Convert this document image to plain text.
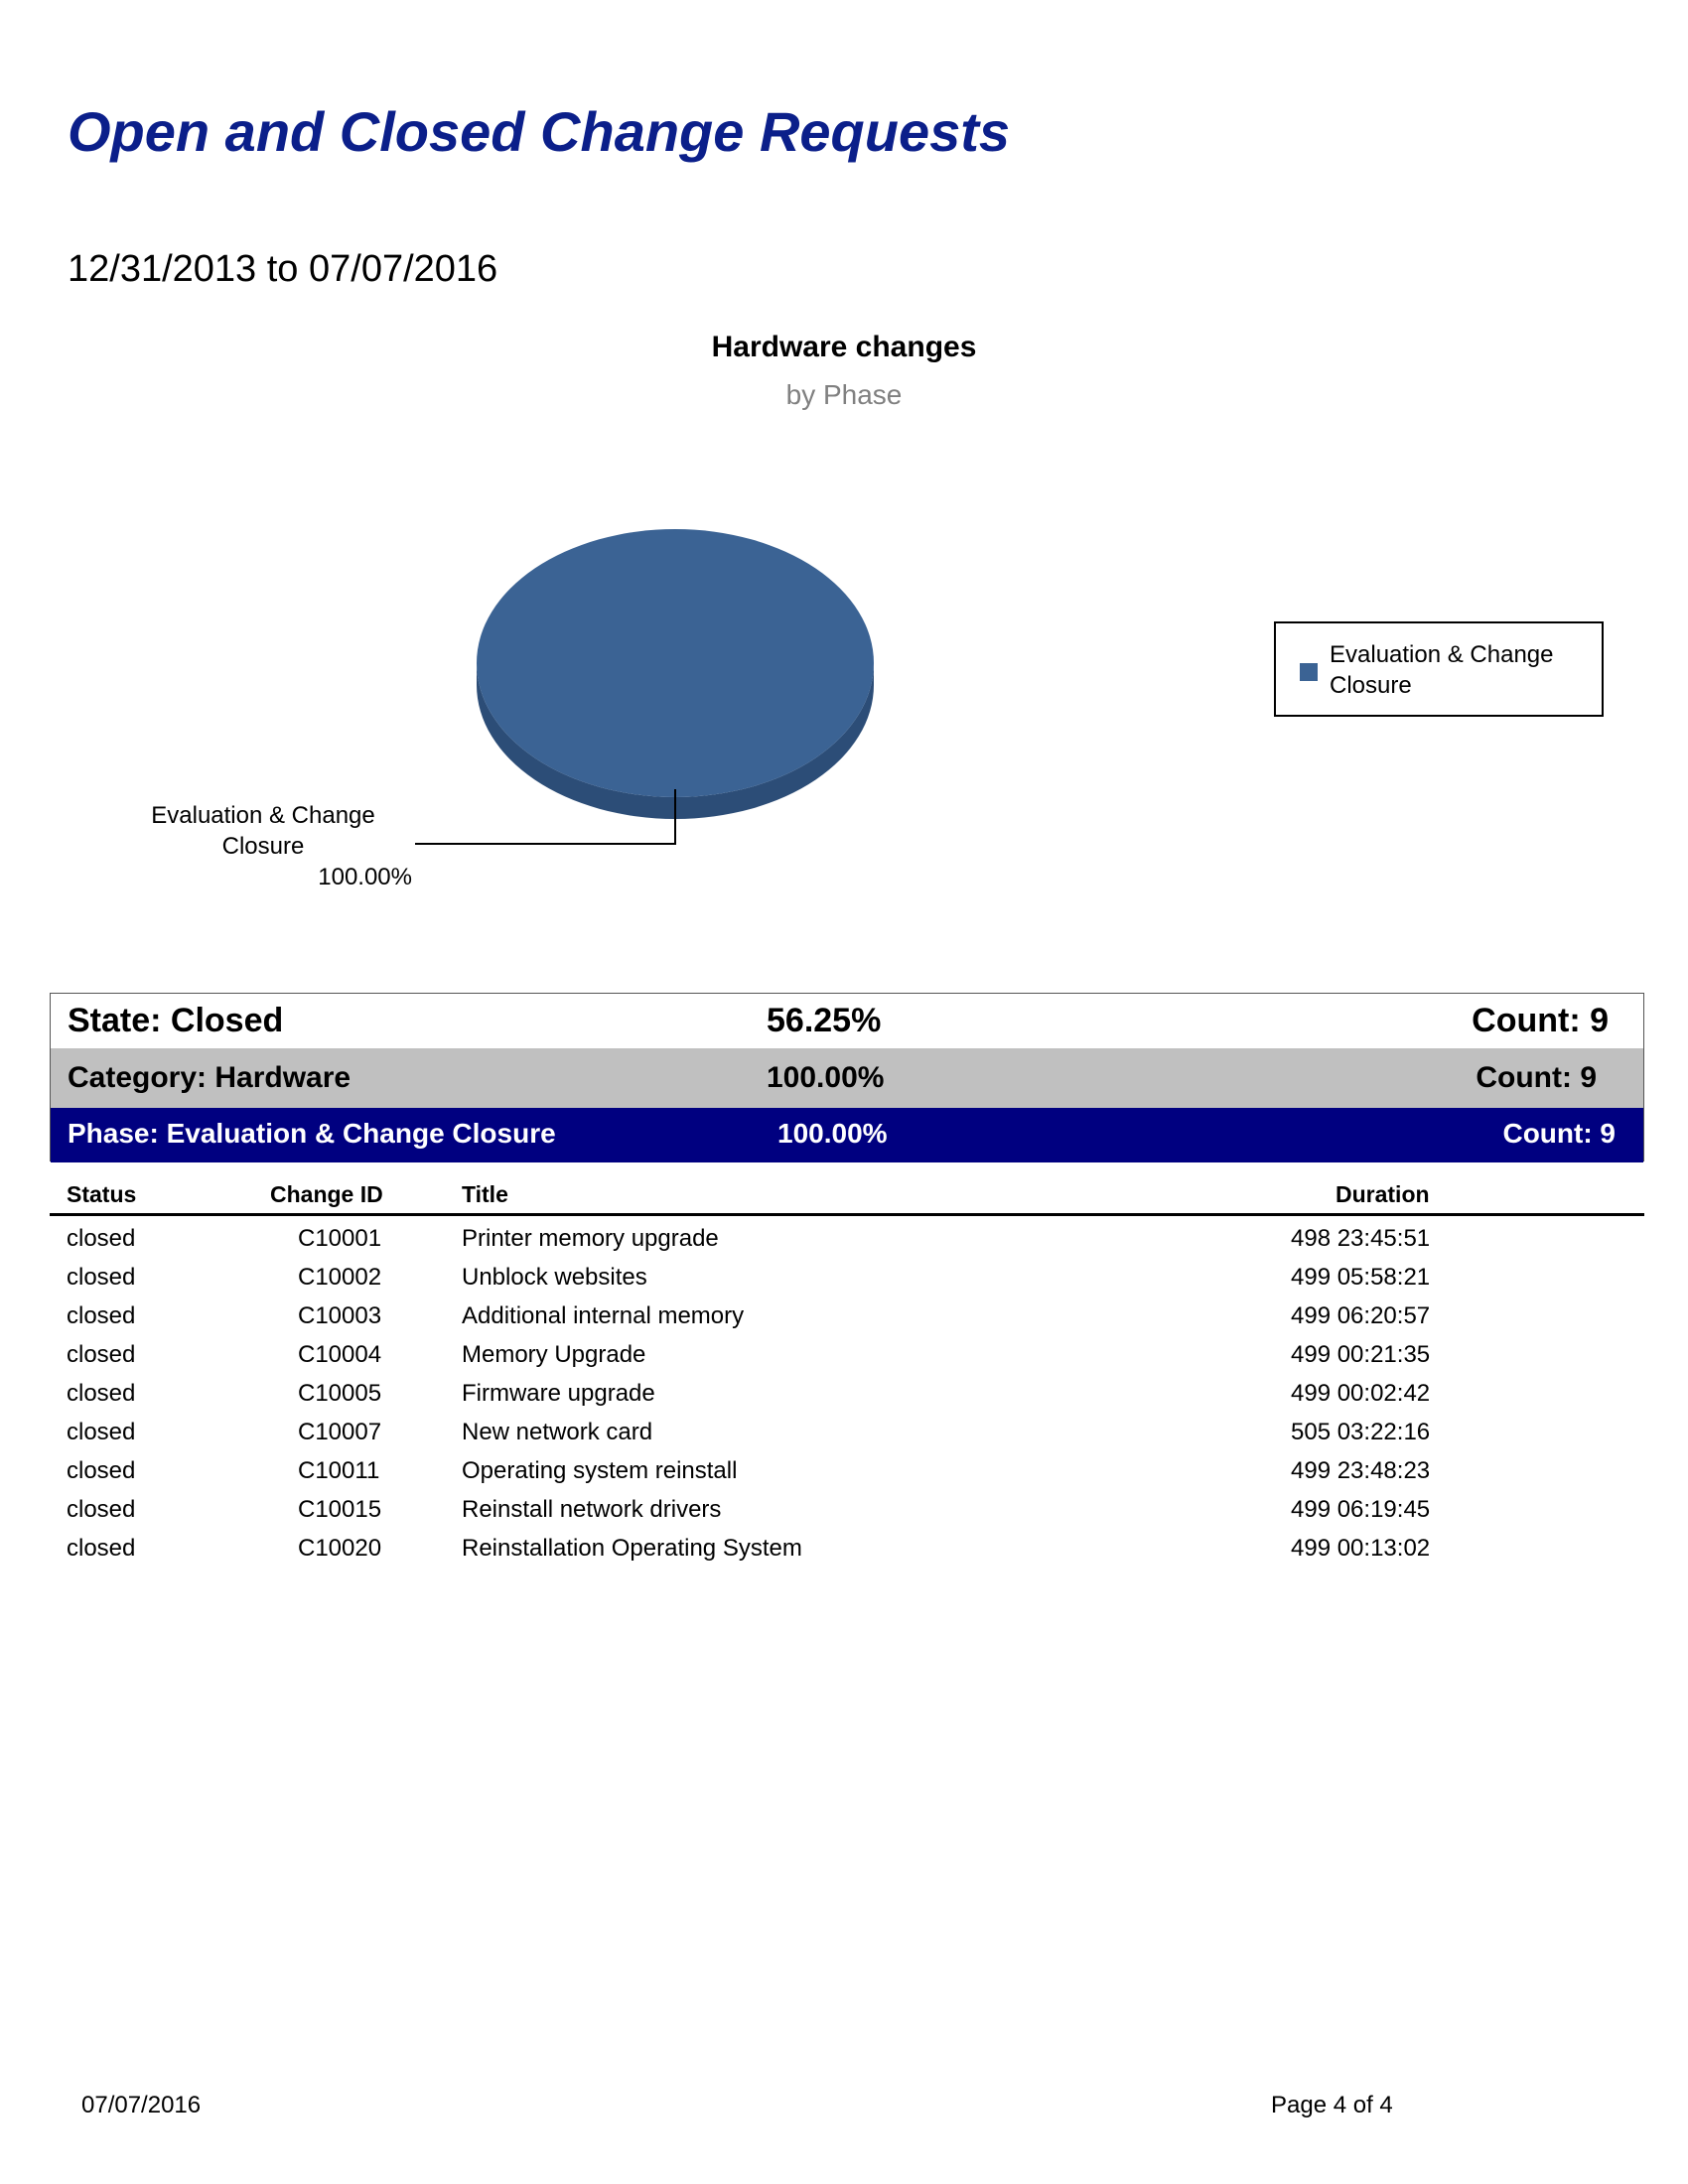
Open and Closed Change Requests
12/31/2013 to 07/07/2016
Hardware changes
by Phase
Evaluation & Change
Closure
100.00%
Evaluation & Change
Closure
State: Closed	56.25%	Count: 9
Category: Hardware	100.00%	Count: 9
Phase: Evaluation & Change Closure	100.00%	Count: 9
Status	Change ID	Title	Duration
closed	C10001	Printer memory upgrade	498 23:45:51
closed	C10002	Unblock websites	499 05:58:21
closed	C10003	Additional internal memory	499 06:20:57
closed	C10004	Memory Upgrade	499 00:21:35
closed	C10005	Firmware upgrade	499 00:02:42
closed	C10007	New network card	505 03:22:16
closed	C10011	Operating system reinstall	499 23:48:23
closed	C10015	Reinstall network drivers	499 06:19:45
closed	C10020	Reinstallation Operating System	499 00:13:02
07/07/2016	Page 4 of 4
